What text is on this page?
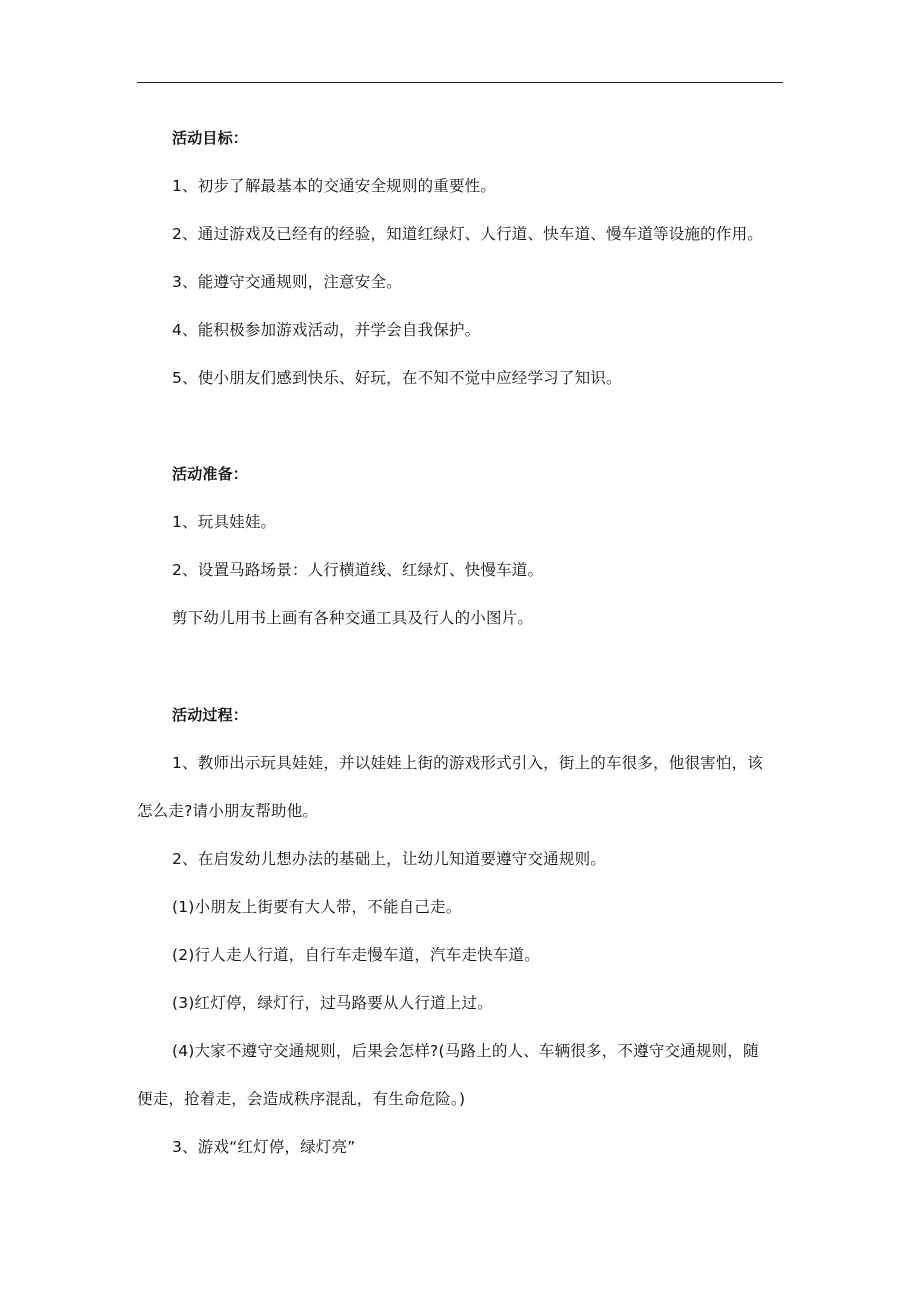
活动目标：
1、初步了解最基本的交通安全规则的重要性。
2、通过游戏及已经有的经验，知道红绿灯、人行道、快车道、慢车道等设施的作用。
3、能遵守交通规则，注意安全。
4、能积极参加游戏活动，并学会自我保护。
5、使小朋友们感到快乐、好玩，在不知不觉中应经学习了知识。
活动准备：
1、玩具娃娃。
2、设置马路场景：人行横道线、红绿灯、快慢车道。
剪下幼儿用书上画有各种交通工具及行人的小图片。
活动过程：
1、教师出示玩具娃娃，并以娃娃上街的游戏形式引入，街上的车很多，他很害怕，该
怎么走?请小朋友帮助他。
2、在启发幼儿想办法的基础上，让幼儿知道要遵守交通规则。
(1)小朋友上街要有大人带，不能自己走。
(2)行人走人行道，自行车走慢车道，汽车走快车道。
(3)红灯停，绿灯行，过马路要从人行道上过。
(4)大家不遵守交通规则，后果会怎样?(马路上的人、车辆很多，不遵守交通规则，随
便走，抢着走，会造成秩序混乱，有生命危险。)
3、游戏“红灯停，绿灯亮”
